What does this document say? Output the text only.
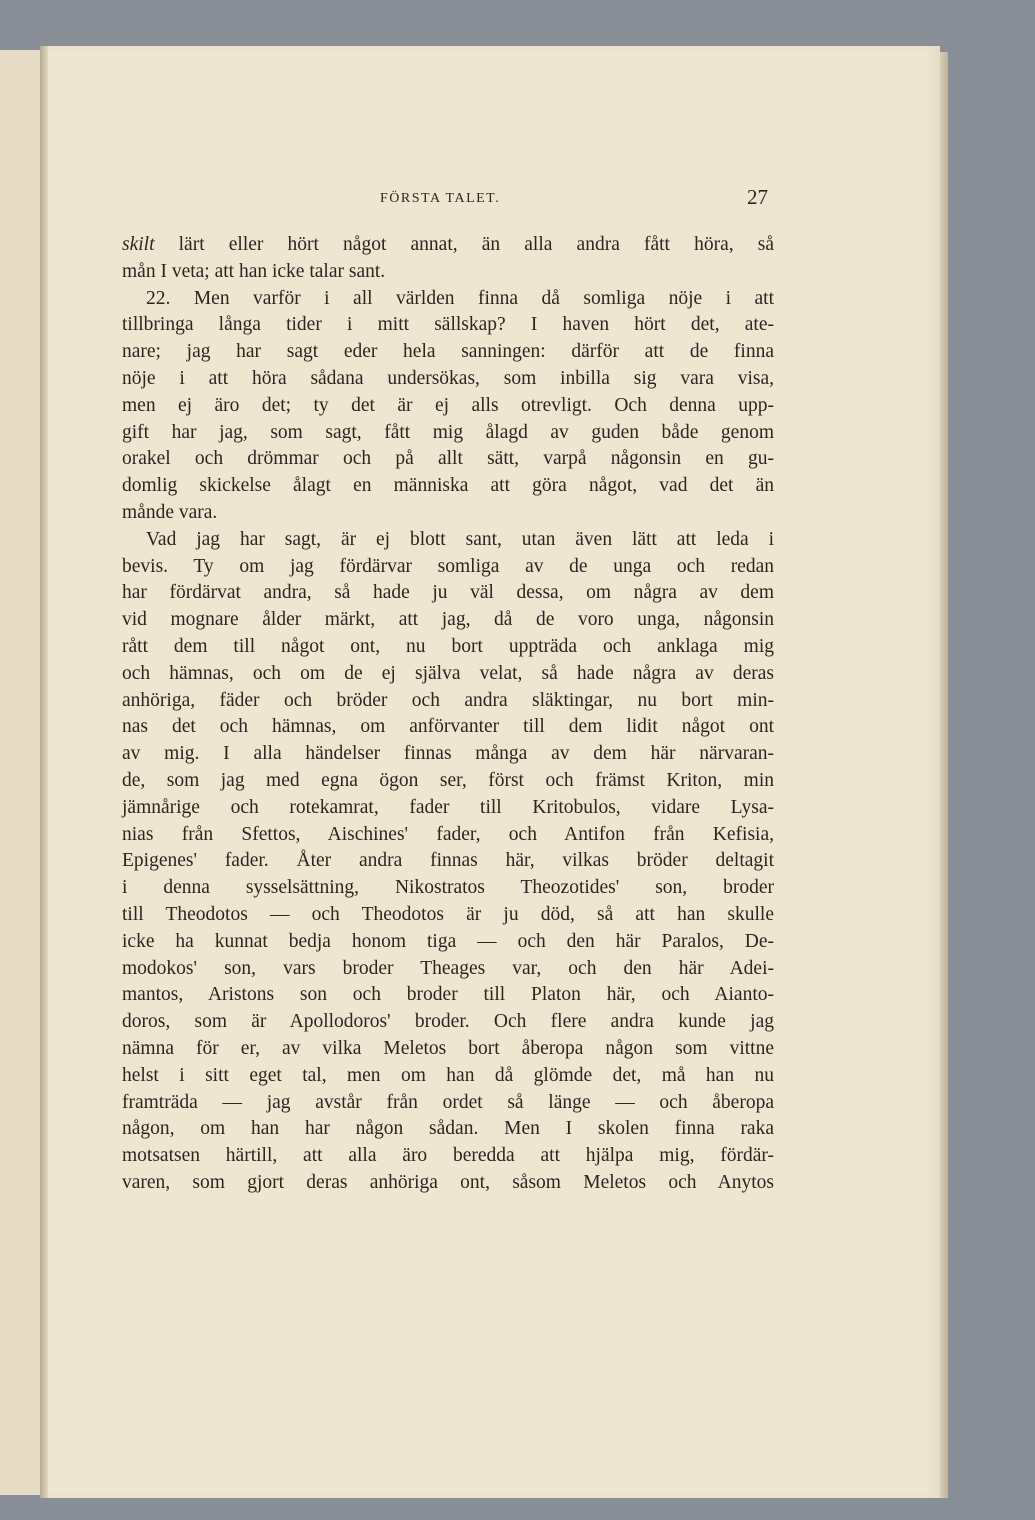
FÖRSTA TALET.	27
skilt lärt eller hört något annat, än alla andra fått höra, så
mån I veta; att han icke talar sant.
22. Men varför i all världen finna då somliga nöje i att
tillbringa långa tider i mitt sällskap? I haven hört det, ate-
nare; jag har sagt eder hela sanningen: därför att de finna
nöje i att höra sådana undersökas, som inbilla sig vara visa,
men ej äro det; ty det är ej alls otrevligt. Och denna upp-
gift har jag, som sagt, fått mig ålagd av guden både genom
orakel och drömmar och på allt sätt, varpå någonsin en gu-
domlig skickelse ålagt en människa att göra något, vad det än
månde vara.
Vad jag har sagt, är ej blott sant, utan även lätt att leda i
bevis. Ty om jag fördärvar somliga av de unga och redan
har fördärvat andra, så hade ju väl dessa, om några av dem
vid mognare ålder märkt, att jag, då de voro unga, någonsin
rått dem till något ont, nu bort uppträda och anklaga mig
och hämnas, och om de ej själva velat, så hade några av deras
anhöriga, fäder och bröder och andra släktingar, nu bort min-
nas det och hämnas, om anförvanter till dem lidit något ont
av mig. I alla händelser finnas många av dem här närvaran-
de, som jag med egna ögon ser, först och främst Kriton, min
jämnårige och rotekamrat, fader till Kritobulos, vidare Lysa-
nias från Sfettos, Aischines' fader, och Antifon från Kefisia,
Epigenes' fader. Åter andra finnas här, vilkas bröder deltagit
i denna sysselsättning, Nikostratos Theozotides' son, broder
till Theodotos — och Theodotos är ju död, så att han skulle
icke ha kunnat bedja honom tiga — och den här Paralos, De-
modokos' son, vars broder Theages var, och den här Adei-
mantos, Aristons son och broder till Platon här, och Aianto-
doros, som är Apollodoros' broder. Och flere andra kunde jag
nämna för er, av vilka Meletos bort åberopa någon som vittne
helst i sitt eget tal, men om han då glömde det, må han nu
framträda — jag avstår från ordet så länge — och åberopa
någon, om han har någon sådan. Men I skolen finna raka
motsatsen härtill, att alla äro beredda att hjälpa mig, fördär-
varen, som gjort deras anhöriga ont, såsom Meletos och Anytos
